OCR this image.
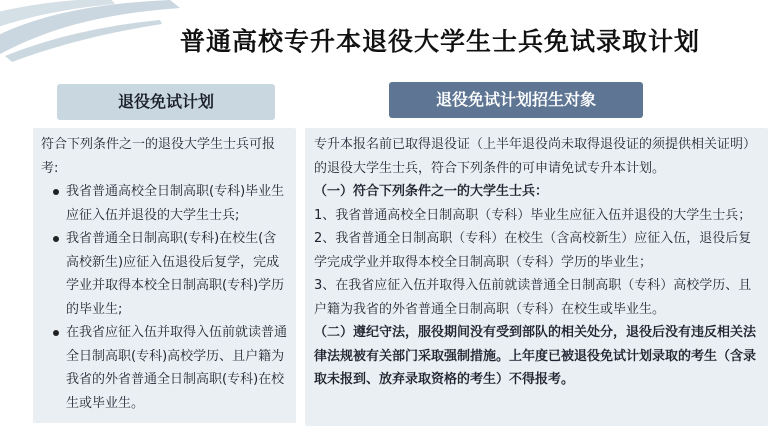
普通高校专升本退役大学生士兵免试录取计划
退役免试计划	退役免试计划招生对象
符合下列条件之一的退役大学生士兵可报考:
我省普通高校全日制高职(专科)毕业生应征入伍并退役的大学生士兵;
我省普通全日制高职(专科)在校生(含高校新生)应征入伍退役后复学，完成学业并取得本校全日制高职(专科)学历的毕业生;
在我省应征入伍并取得入伍前就读普通全日制高职(专科)高校学历、且户籍为我省的外省普通全日制高职(专科)在校生或毕业生。

专升本报名前已取得退役证（上半年退役尚未取得退役证的须提供相关证明）的退役大学生士兵，符合下列条件的可申请免试专升本计划。

（一）符合下列条件之一的大学生士兵：

1、我省普通高校全日制高职（专科）毕业生应征入伍并退役的大学生士兵；

2、我省普通全日制高职（专科）在校生（含高校新生）应征入伍，退役后复学完成学业并取得本校全日制高职（专科）学历的毕业生；

3、在我省应征入伍并取得入伍前就读普通全日制高职（专科）高校学历、且户籍为我省的外省普通全日制高职（专科）在校生或毕业生。

（二）遵纪守法，服役期间没有受到部队的相关处分，退役后没有违反相关法律法规被有关部门采取强制措施。上年度已被退役免试计划录取的考生（含录取未报到、放弃录取资格的考生）不得报考。
